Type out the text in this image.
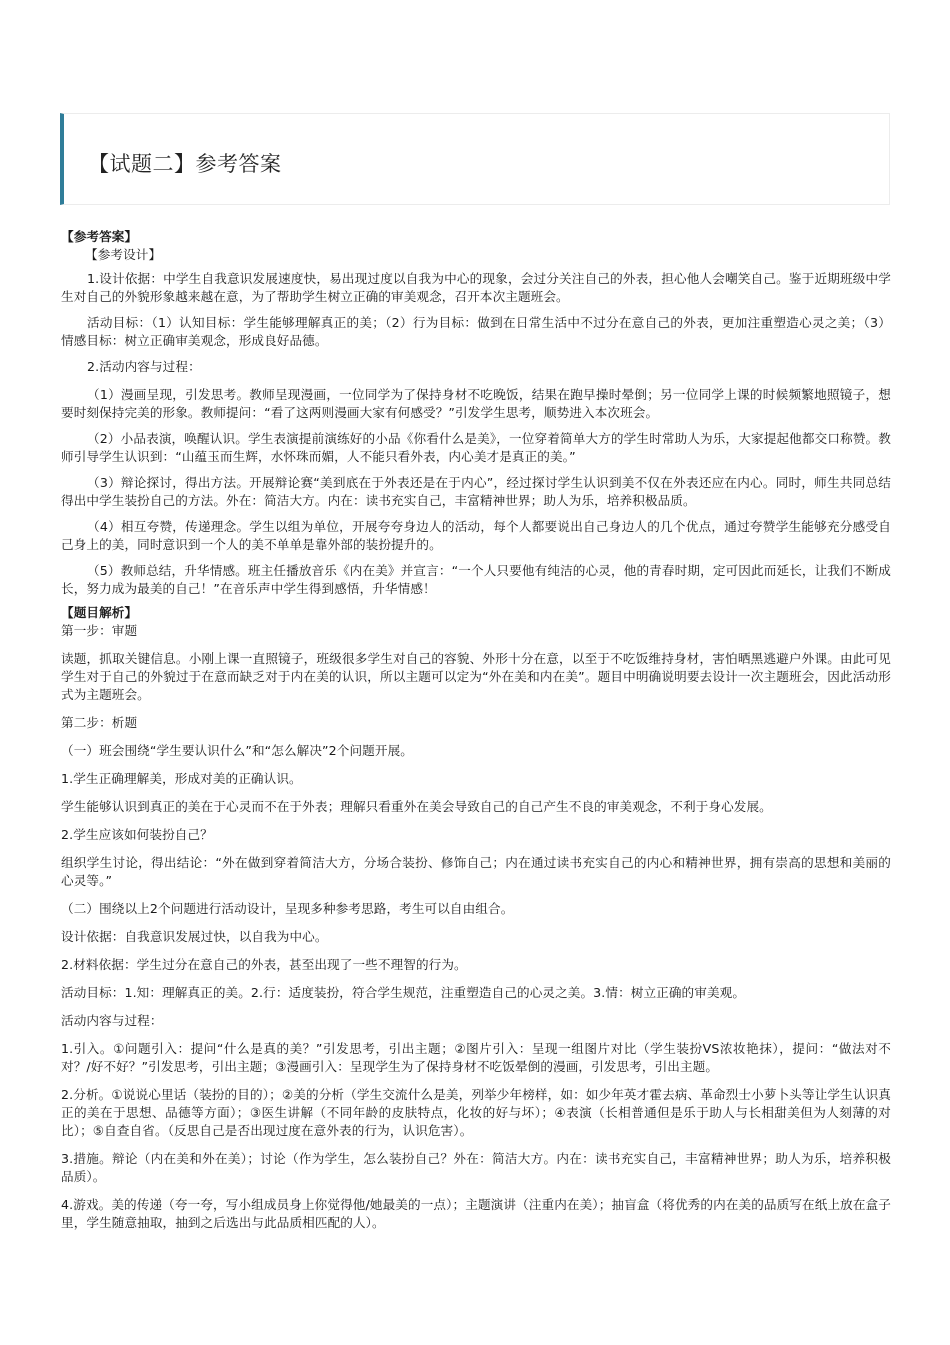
【试题二】参考答案

【参考答案】

【参考设计】

1.设计依据：中学生自我意识发展速度快，易出现过度以自我为中心的现象，会过分关注自己的外表，担心他人会嘲笑自己。鉴于近期班级中学生对自己的外貌形象越来越在意，为了帮助学生树立正确的审美观念，召开本次主题班会。

活动目标：（1）认知目标：学生能够理解真正的美；（2）行为目标：做到在日常生活中不过分在意自己的外表，更加注重塑造心灵之美；（3）情感目标：树立正确审美观念，形成良好品德。

2.活动内容与过程：

（1）漫画呈现，引发思考。教师呈现漫画，一位同学为了保持身材不吃晚饭，结果在跑早操时晕倒；另一位同学上课的时候频繁地照镜子，想要时刻保持完美的形象。教师提问：“看了这两则漫画大家有何感受？”引发学生思考，顺势进入本次班会。

（2）小品表演，唤醒认识。学生表演提前演练好的小品《你看什么是美》，一位穿着简单大方的学生时常助人为乐，大家提起他都交口称赞。教师引导学生认识到：“山蕴玉而生辉，水怀珠而媚，人不能只看外表，内心美才是真正的美。”

（3）辩论探讨，得出方法。开展辩论赛“美到底在于外表还是在于内心”，经过探讨学生认识到美不仅在外表还应在内心。同时，师生共同总结得出中学生装扮自己的方法。外在：简洁大方。内在：读书充实自己，丰富精神世界；助人为乐，培养积极品质。

（4）相互夸赞，传递理念。学生以组为单位，开展夸夸身边人的活动，每个人都要说出自己身边人的几个优点，通过夸赞学生能够充分感受自己身上的美，同时意识到一个人的美不单单是靠外部的装扮提升的。

（5）教师总结，升华情感。班主任播放音乐《内在美》并宣言：“一个人只要他有纯洁的心灵，他的青春时期，定可因此而延长，让我们不断成长，努力成为最美的自己！”在音乐声中学生得到感悟，升华情感！

【题目解析】

第一步：审题

读题，抓取关键信息。小刚上课一直照镜子，班级很多学生对自己的容貌、外形十分在意，以至于不吃饭维持身材，害怕晒黑逃避户外课。由此可见学生对于自己的外貌过于在意而缺乏对于内在美的认识，所以主题可以定为“外在美和内在美”。题目中明确说明要去设计一次主题班会，因此活动形式为主题班会。

第二步：析题

（一）班会围绕“学生要认识什么”和“怎么解决”2个问题开展。

1.学生正确理解美，形成对美的正确认识。

学生能够认识到真正的美在于心灵而不在于外表；理解只看重外在美会导致自己的自己产生不良的审美观念，不利于身心发展。

2.学生应该如何装扮自己？

组织学生讨论，得出结论：“外在做到穿着简洁大方，分场合装扮、修饰自己；内在通过读书充实自己的内心和精神世界，拥有崇高的思想和美丽的心灵等。”

（二）围绕以上2个问题进行活动设计，呈现多种参考思路，考生可以自由组合。

设计依据：自我意识发展过快，以自我为中心。

2.材料依据：学生过分在意自己的外表，甚至出现了一些不理智的行为。

活动目标：1.知：理解真正的美。2.行：适度装扮，符合学生规范，注重塑造自己的心灵之美。3.情：树立正确的审美观。

活动内容与过程：

1.引入。①问题引入：提问“什么是真的美？”引发思考，引出主题；②图片引入：呈现一组图片对比（学生装扮VS浓妆艳抹），提问：“做法对不对？/好不好？”引发思考，引出主题；③漫画引入：呈现学生为了保持身材不吃饭晕倒的漫画，引发思考，引出主题。

2.分析。①说说心里话（装扮的目的）；②美的分析（学生交流什么是美，列举少年榜样，如：如少年英才霍去病、革命烈士小萝卜头等让学生认识真正的美在于思想、品德等方面）；③医生讲解（不同年龄的皮肤特点，化妆的好与坏）；④表演（长相普通但是乐于助人与长相甜美但为人刻薄的对比）；⑤自查自省。（反思自己是否出现过度在意外表的行为，认识危害）。

3.措施。辩论（内在美和外在美）；讨论（作为学生，怎么装扮自己？外在：简洁大方。内在：读书充实自己，丰富精神世界；助人为乐，培养积极品质）。

4.游戏。美的传递（夸一夸，写小组成员身上你觉得他/她最美的一点）；主题演讲（注重内在美）；抽盲盒（将优秀的内在美的品质写在纸上放在盒子里，学生随意抽取，抽到之后选出与此品质相匹配的人）。
